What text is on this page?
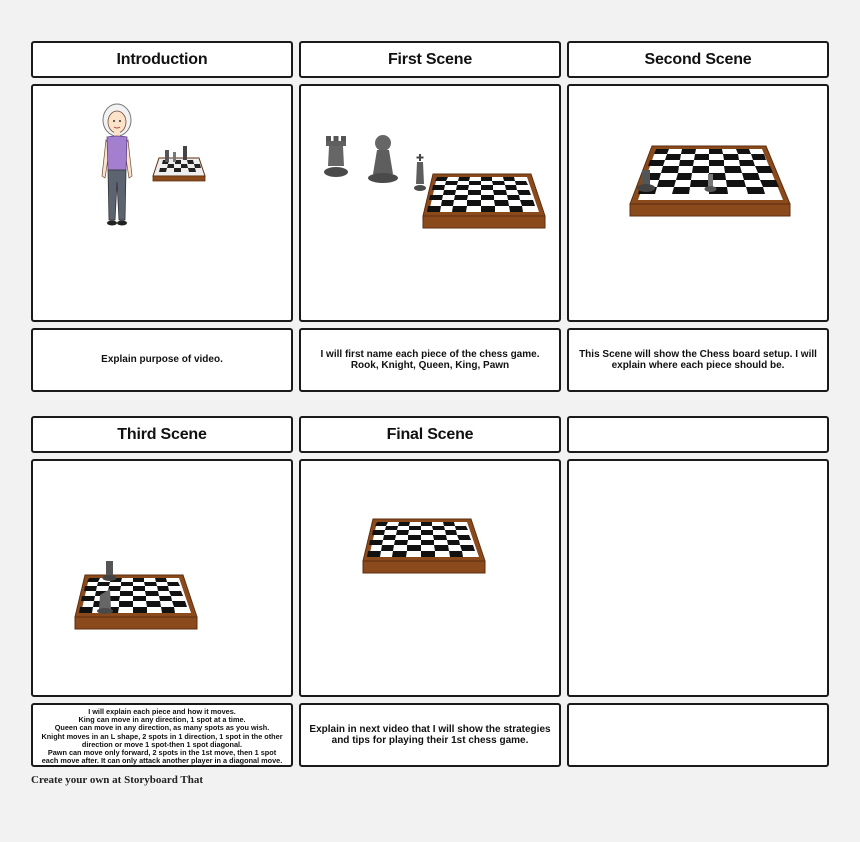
Introduction	First Scene	Second Scene
Explain purpose of video.
I will first name each piece of the chess game. Rook, Knight, Queen, King, Pawn
This Scene will show the Chess board setup. I will explain where each piece should be.
Third Scene	Final Scene
I will explain each piece and how it moves.
King can move in any direction, 1 spot at a time.
Queen can move in any direction, as many spots as you wish.
Knight moves in an L shape, 2 spots in 1 direction, 1 spot in the other direction or move 1 spot-then 1 spot diagonal.
Pawn can move only forward, 2 spots in the 1st move, then 1 spot each move after. It can only attack another player in a diagonal move.
Explain in next video that I will show the strategies and tips for playing their 1st chess game.
Create your own at Storyboard That
